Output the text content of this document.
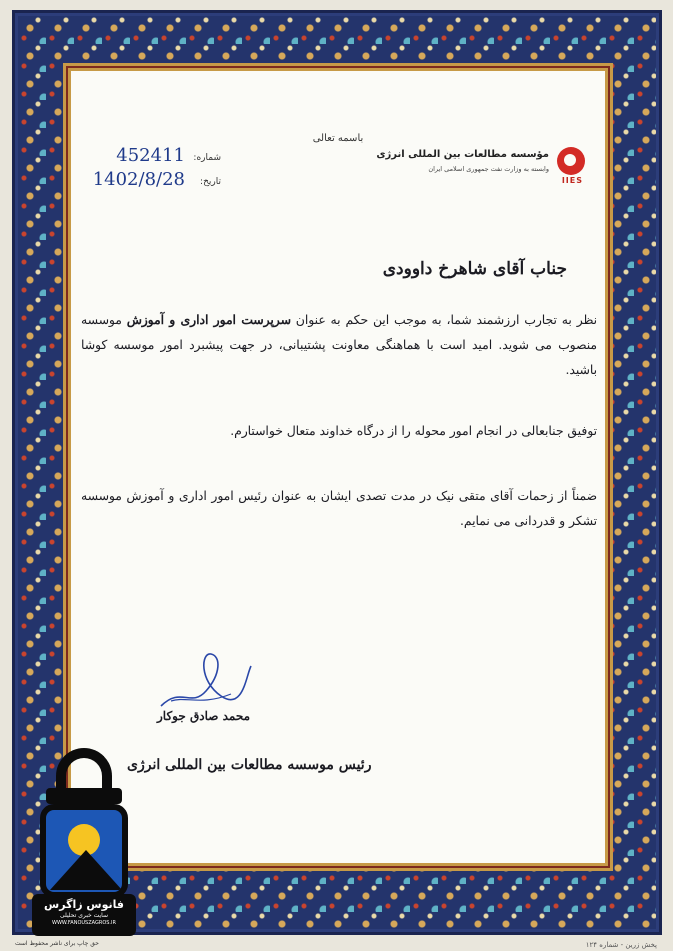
باسمه تعالی
IIES
مؤسسه مطالعات بین المللی انرژی
وابسته به وزارت نفت جمهوری اسلامی ایران
شماره:
452411
تاریخ:
1402/8/28
جناب آقای شاهرخ داوودی
نظر به تجارب ارزشمند شما، به موجب این حکم به عنوان سرپرست امور اداری و آموزش موسسه منصوب می شوید. امید است با هماهنگی معاونت پشتیبانی، در جهت پیشبرد امور موسسه کوشا باشید.
توفیق جنابعالی در انجام امور محوله را از درگاه خداوند متعال خواستارم.
ضمناً از زحمات آقای متقی نیک در مدت تصدی ایشان به عنوان رئیس امور اداری و آموزش موسسه تشکر و قدردانی می نمایم.
محمد صادق جوکار
رئیس موسسه مطالعات بین المللی انرژی
حق چاپ برای ناشر محفوظ است	پخش زرین - شماره ۱۲۴
فانوس زاگرس
سایت خبری تحلیلی
WWW.FANOUSZAGROS.IR
